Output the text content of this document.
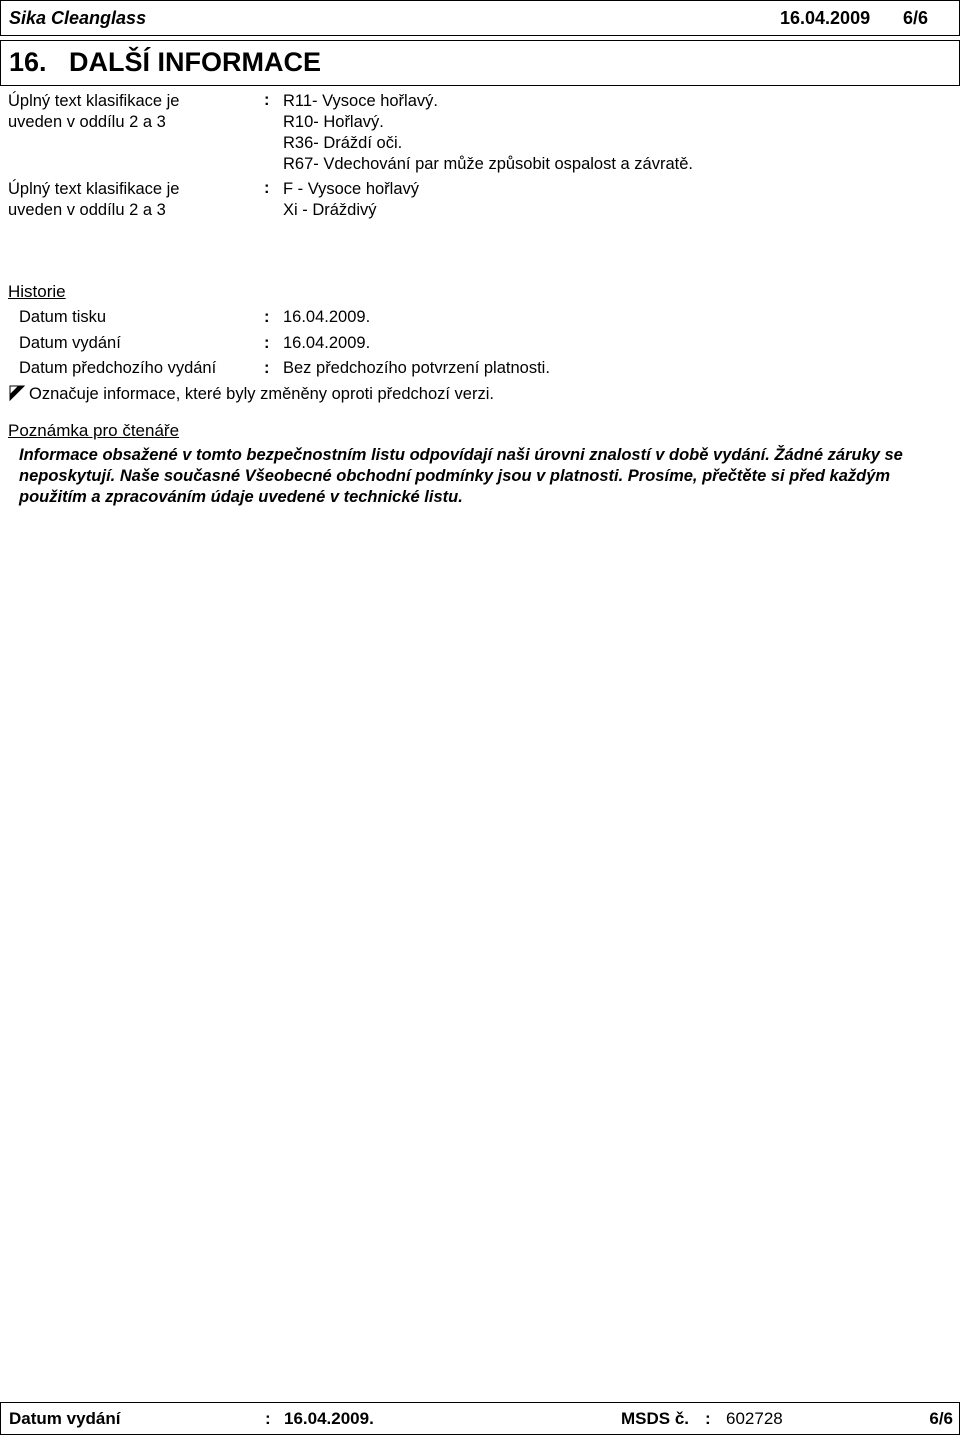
Sika Cleanglass	16.04.2009 6/6
16. DALŠÍ INFORMACE
Úplný text klasifikace je
uveden v oddílu 2 a 3
: R11- Vysoce hořlavý.
R10- Hořlavý.
R36- Dráždí oči.
R67- Vdechování par může způsobit ospalost a závratě.
Úplný text klasifikace je
uveden v oddílu 2 a 3
: F - Vysoce hořlavý
Xi - Dráždivý
Historie
Datum tisku	: 16.04.2009.
Datum vydání	: 16.04.2009.
Datum předchozího vydání	: Bez předchozího potvrzení platnosti.
Označuje informace, které byly změněny oproti předchozí verzi.
Poznámka pro čtenáře
Informace obsažené v tomto bezpečnostním listu odpovídají naši úrovni znalostí v době vydání. Žádné záruky se neposkytují. Naše současné Všeobecné obchodní podmínky jsou v platnosti. Prosíme, přečtěte si před každým použitím a zpracováním údaje uvedené v technické listu.
Datum vydání	: 16.04.2009.	MSDS č. : 602728	6/6
